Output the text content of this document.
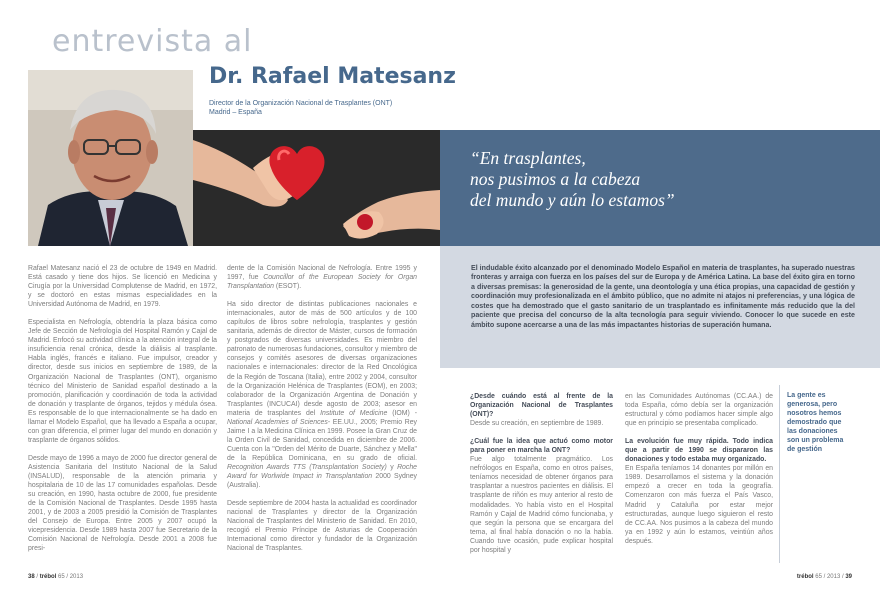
entrevista al
Dr. Rafael Matesanz
Director de la Organización Nacional de Trasplantes (ONT)
Madrid – España
“En trasplantes,
nos pusimos a la cabeza
del mundo y aún lo estamos”
El indudable éxito alcanzado por el denominado Modelo Español en materia de trasplantes, ha superado nuestras fronteras y arraiga con fuerza en los países del sur de Europa y de América Latina. La base del éxito gira en torno a diversas premisas: la generosidad de la gente, una deontología y una ética propias, una capacidad de gestión y coordinación muy profesionalizada en el ámbito público, que no admite ni atajos ni preferencias, y una lógica de costes que ha demostrado que el gasto sanitario de un trasplantado es infinitamente más reducido que la del paciente que precisa del concurso de la alta tecnología para seguir viviendo. Conocer lo que sucede en este ámbito supone acercarse a una de las más impactantes historias de superación humana.

Rafael Matesanz nació el 23 de octubre de 1949 en Madrid. Está casado y tiene dos hijos. Se licenció en Medicina y Cirugía por la Universidad Complutense de Madrid, en 1972, y se doctoró en estas mismas especialidades en la Universidad Autónoma de Madrid, en 1979.

Especialista en Nefrología, obtendría la plaza básica como Jefe de Sección de Nefrología del Hospital Ramón y Cajal de Madrid. Enfocó su actividad clínica a la atención integral de la insuficiencia renal crónica, desde la diálisis al trasplante. Habla inglés, francés e italiano. Fue impulsor, creador y director, desde sus inicios en septiembre de 1989, de la Organización Nacional de Trasplantes (ONT), organismo técnico del Ministerio de Sanidad español destinado a la promoción, planificación y coordinación de toda la actividad de donación y trasplante de órganos, tejidos y médula ósea. Es responsable de lo que internacionalmente se ha dado en llamar el Modelo Español, que ha llevado a España a ocupar, con gran diferencia, el primer lugar del mundo en donación y trasplante de órganos sólidos.

Desde mayo de 1996 a mayo de 2000 fue director general de Asistencia Sanitaria del Instituto Nacional de la Salud (INSALUD), responsable de la atención primaria y hospitalaria de 10 de las 17 comunidades españolas. Desde su creación, en 1990, hasta octubre de 2000, fue presidente de la Comisión Nacional de Trasplantes. Desde 1995 hasta 2001, y de 2003 a 2005 presidió la Comisión de Trasplantes del Consejo de Europa. Entre 2005 y 2007 ocupó la vicepresidencia. Desde 1989 hasta 2007 fue Secretario de la Comisión Nacional de Nefrología. Desde 2001 a 2008 fue presi-

dente de la Comisión Nacional de Nefrología. Entre 1995 y 1997, fue Councillor of the European Society for Organ Transplantation (ESOT).

Ha sido director de distintas publicaciones nacionales e internacionales, autor de más de 500 artículos y de 100 capítulos de libros sobre nefrología, trasplantes y gestión sanitaria, además de director de Máster, cursos de formación y postgrados de diversas universidades. Es miembro del patronato de numerosas fundaciones, consultor y miembro de consejos y comités asesores de diversas organizaciones nacionales e internacionales: director de la Red Oncológica de la Región de Toscana (Italia), entre 2002 y 2004, consultor de la Organización Helénica de Trasplantes (EOM), en 2003; colaborador de la Organización Argentina de Donación y Trasplantes (INCUCAI) desde agosto de 2003; asesor en materia de trasplantes del Institute of Medicine (IOM) -National Academies of Sciences- EE.UU., 2005; Premio Rey Jaime I a la Medicina Clínica en 1999. Posee la Gran Cruz de la Orden Civil de Sanidad, concedida en diciembre de 2006. Cuenta con la "Orden del Mérito de Duarte, Sánchez y Mella" de la República Dominicana, en su grado de oficial. Recognition Awards TTS (Transplantation Society) y Roche Award for Worlwide Impact in Transplantation 2000 Sydney (Australia).

Desde septiembre de 2004 hasta la actualidad es coordinador nacional de Trasplantes y director de la Organización Nacional de Trasplantes del Ministerio de Sanidad. En 2010, recogió el Premio Príncipe de Asturias de Cooperación Internacional como director y fundador de la Organización Nacional de Trasplantes.

¿Desde cuándo está al frente de la Organización Nacional de Trasplantes (ONT)?

Desde su creación, en septiembre de 1989.

¿Cuál fue la idea que actuó como motor para poner en marcha la ONT?

Fue algo totalmente pragmático. Los nefrólogos en España, como en otros países, teníamos necesidad de obtener órganos para trasplantar a nuestros pacientes en diálisis. El trasplante de riñón es muy anterior al resto de modalidades. Yo había visto en el Hospital Ramón y Cajal de Madrid cómo funcionaba, y que según la persona que se encargara del tema, al final había donación o no la había. Cuando tuve ocasión, pude explicar hospital por hospital y

en las Comunidades Autónomas (CC.AA.) de toda España, cómo debía ser la organización estructural y cómo podíamos hacer simple algo que en principio se presentaba complicado.

La evolución fue muy rápida. Todo indica que a partir de 1990 se dispararon las donaciones y todo estaba muy organizado.

En España teníamos 14 donantes por millón en 1989. Desarrollamos el sistema y la donación empezó a crecer en toda la geografía. Comenzaron con más fuerza el País Vasco, Madrid y Cataluña por estar mejor estructuradas, aunque luego siguieron el resto de CC.AA. Nos pusimos a la cabeza del mundo ya en 1992 y aún lo estamos, veintiún años después.

La gente es generosa, pero nosotros hemos demostrado que las donaciones son un problema de gestión
38 / trébol 65 / 2013	trébol 65 / 2013 / 39
